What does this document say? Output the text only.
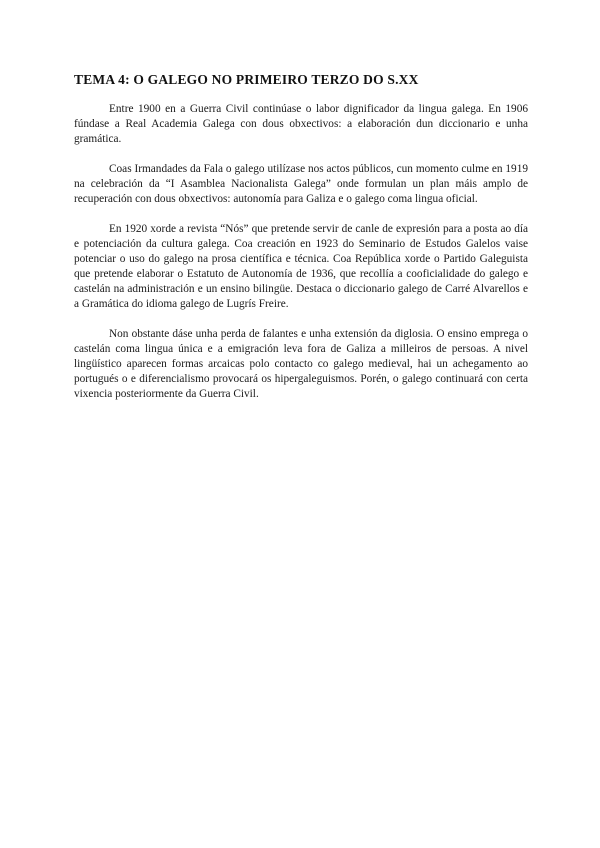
TEMA 4: O GALEGO NO PRIMEIRO TERZO DO S.XX

Entre 1900 en a Guerra Civil continúase o labor dignificador da lingua galega. En 1906 fúndase a Real Academia Galega con dous obxectivos: a elaboración dun diccionario e unha gramática.

Coas Irmandades da Fala o galego utilízase nos actos públicos, cun momento culme en 1919 na celebración da “I Asamblea Nacionalista Galega” onde formulan un plan máis amplo de recuperación con dous obxectivos: autonomía para Galiza e o galego coma lingua oficial.

En 1920 xorde a revista “Nós” que pretende servir de canle de expresión para a posta ao día e potenciación da cultura galega. Coa creación en 1923 do Seminario de Estudos Galelos vaise potenciar o uso do galego na prosa científica e técnica. Coa República xorde o Partido Galeguista que pretende elaborar o Estatuto de Autonomía de 1936, que recollía a cooficialidade do galego e castelán na administración e un ensino bilingüe. Destaca o diccionario galego de Carré Alvarellos e a Gramática do idioma galego de Lugrís Freire.

Non obstante dáse unha perda de falantes e unha extensión da diglosia. O ensino emprega o castelán coma lingua única e a emigración leva fora de Galiza a milleiros de persoas. A nivel lingüístico aparecen formas arcaicas polo contacto co galego medieval, hai un achegamento ao portugués o e diferencialismo provocará os hipergaleguismos. Porén, o galego continuará con certa vixencia posteriormente da Guerra Civil.
